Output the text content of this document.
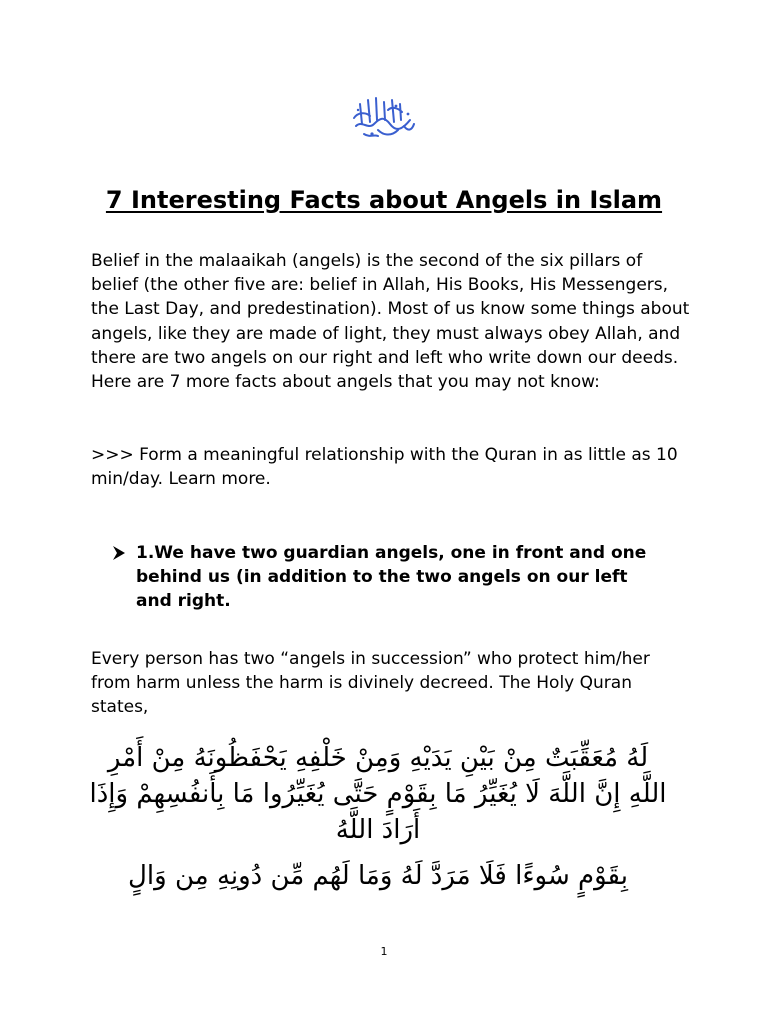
7 Interesting Facts about Angels in Islam

Belief in the malaaikah (angels) is the second of the six pillars of belief (the other five are: belief in Allah, His Books, His Messengers, the Last Day, and predestination). Most of us know some things about angels, like they are made of light, they must always obey Allah, and there are two angels on our right and left who write down our deeds. Here are 7 more facts about angels that you may not know:

>>> Form a meaningful relationship with the Quran in as little as 10 min/day. Learn more.

1.We have two guardian angels, one in front and one behind us (in addition to the two angels on our left and right.

Every person has two “angels in succession” who protect him/her from harm unless the harm is divinely decreed. The Holy Quran states,

لَهُ مُعَقِّبَتٌ مِنْ بَيْنِ يَدَيْهِ وَمِنْ خَلْفِهِ يَحْفَظُونَهُ مِنْ أَمْرِ اللَّهِ إِنَّ اللَّهَ لَا يُغَيِّرُ مَا بِقَوْمٍ حَتَّى يُغَيِّرُوا مَا بِأَنفُسِهِمْ وَإِذَا أَرَادَ اللَّهُ

بِقَوْمٍ سُوءًا فَلَا مَرَدَّ لَهُ وَمَا لَهُم مِّن دُونِهِ مِن وَالٍ

1
